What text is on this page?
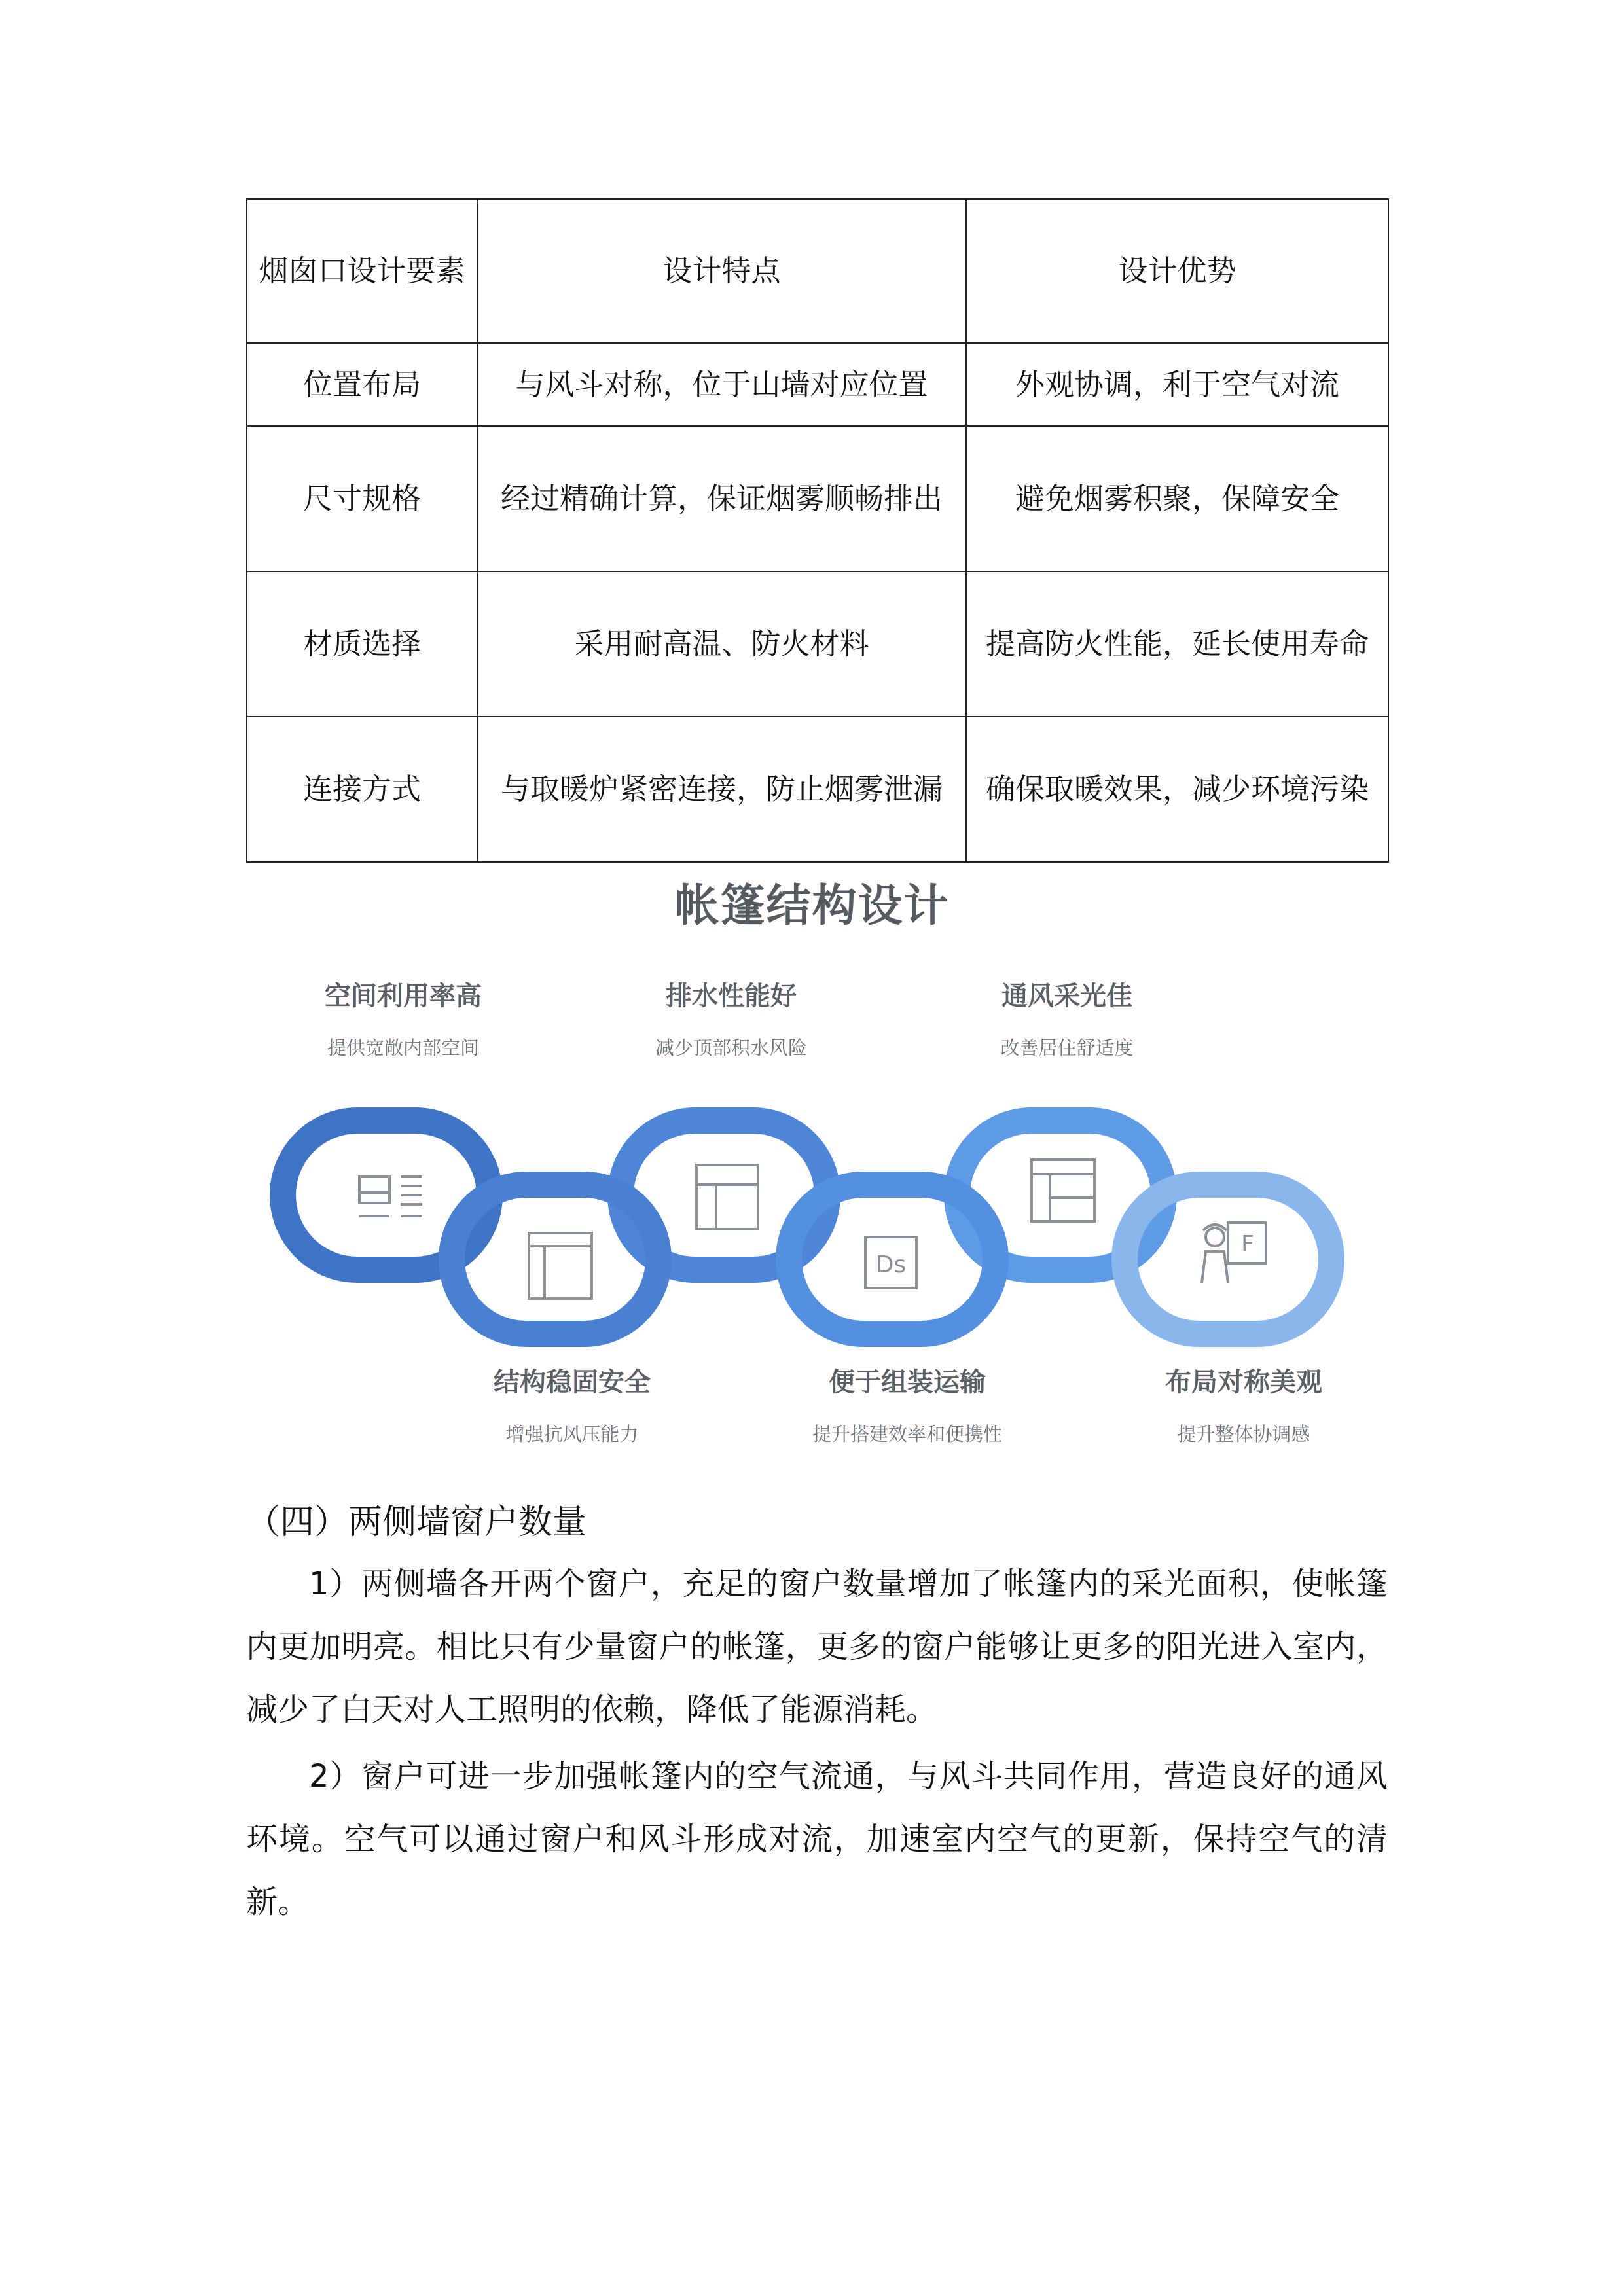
烟囱口设计要素	设计特点	设计优势
位置布局	与风斗对称，位于山墙对应位置	外观协调，利于空气对流
尺寸规格	经过精确计算，保证烟雾顺畅排出	避免烟雾积聚，保障安全
材质选择	采用耐高温、防火材料	提高防火性能，延长使用寿命
连接方式	与取暖炉紧密连接，防止烟雾泄漏	确保取暖效果，减少环境污染
帐篷结构设计
空间利用率高
提供宽敞内部空间
排水性能好
减少顶部积水风险
通风采光佳
改善居住舒适度
Ds
F
结构稳固安全
增强抗风压能力
便于组装运输
提升搭建效率和便携性
布局对称美观
提升整体协调感
（四）两侧墙窗户数量

1）两侧墙各开两个窗户，充足的窗户数量增加了帐篷内的采光面积，使帐篷内更加明亮。相比只有少量窗户的帐篷，更多的窗户能够让更多的阳光进入室内，减少了白天对人工照明的依赖，降低了能源消耗。

2）窗户可进一步加强帐篷内的空气流通，与风斗共同作用，营造良好的通风环境。空气可以通过窗户和风斗形成对流，加速室内空气的更新，保持空气的清新。
